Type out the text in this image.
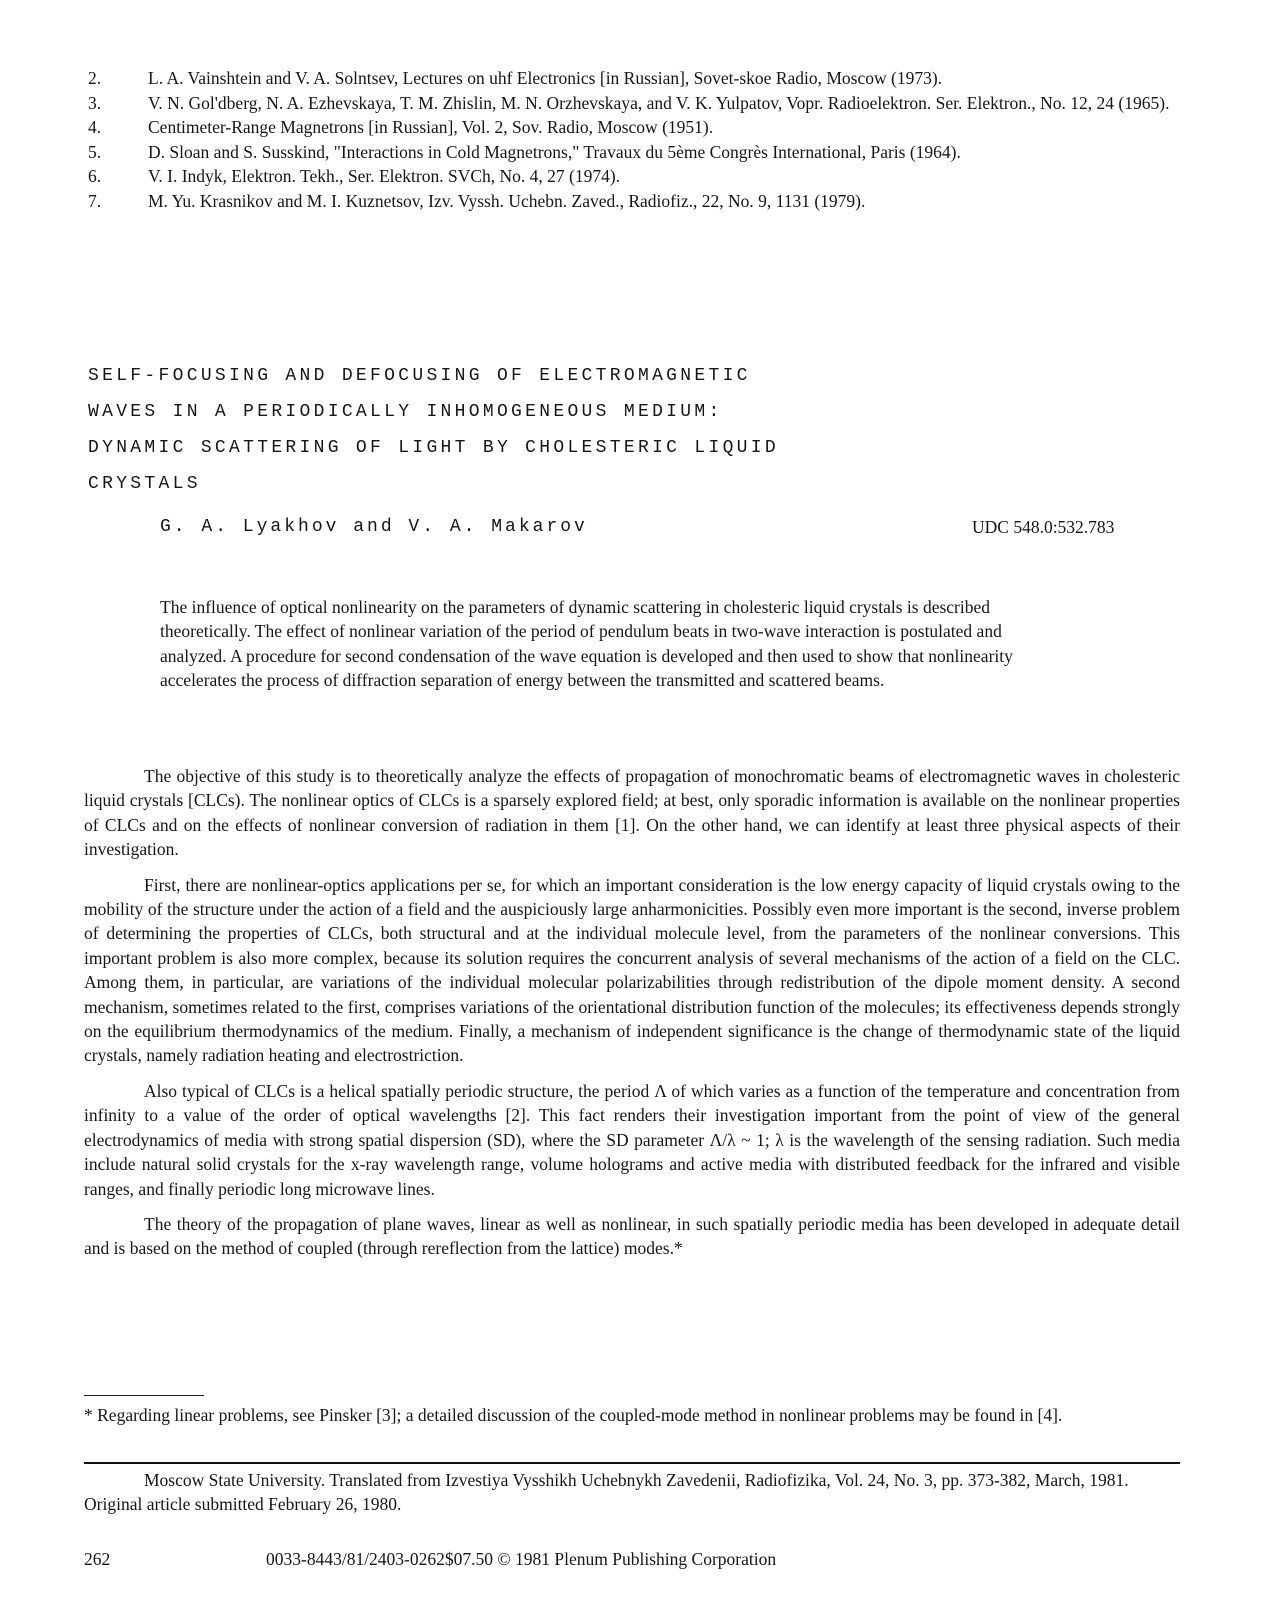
2.	L. A. Vainshtein and V. A. Solntsev, Lectures on uhf Electronics [in Russian], Sovet-skoe Radio, Moscow (1973).
3.	V. N. Gol'dberg, N. A. Ezhevskaya, T. M. Zhislin, M. N. Orzhevskaya, and V. K. Yulpatov, Vopr. Radioelektron. Ser. Elektron., No. 12, 24 (1965).
4.	Centimeter-Range Magnetrons [in Russian], Vol. 2, Sov. Radio, Moscow (1951).
5.	D. Sloan and S. Susskind, "Interactions in Cold Magnetrons," Travaux du 5ème Congrès International, Paris (1964).
6.	V. I. Indyk, Elektron. Tekh., Ser. Elektron. SVCh, No. 4, 27 (1974).
7.	M. Yu. Krasnikov and M. I. Kuznetsov, Izv. Vyssh. Uchebn. Zaved., Radiofiz., 22, No. 9, 1131 (1979).
SELF-FOCUSING AND DEFOCUSING OF ELECTROMAGNETIC
WAVES IN A PERIODICALLY INHOMOGENEOUS MEDIUM:
DYNAMIC SCATTERING OF LIGHT BY CHOLESTERIC LIQUID
CRYSTALS
G. A. Lyakhov and V. A. Makarov	UDC 548.0:532.783

The influence of optical nonlinearity on the parameters of dynamic scattering in cholesteric liquid crystals is described theoretically. The effect of nonlinear variation of the period of pendulum beats in two-wave interaction is postulated and analyzed. A procedure for second condensation of the wave equation is developed and then used to show that nonlinearity accelerates the process of diffraction separation of energy between the transmitted and scattered beams.

The objective of this study is to theoretically analyze the effects of propagation of monochromatic beams of electromagnetic waves in cholesteric liquid crystals [CLCs). The nonlinear optics of CLCs is a sparsely explored field; at best, only sporadic information is available on the nonlinear properties of CLCs and on the effects of nonlinear conversion of radiation in them [1]. On the other hand, we can identify at least three physical aspects of their investigation.

First, there are nonlinear-optics applications per se, for which an important consideration is the low energy capacity of liquid crystals owing to the mobility of the structure under the action of a field and the auspiciously large anharmonicities. Possibly even more important is the second, inverse problem of determining the properties of CLCs, both structural and at the individual molecule level, from the parameters of the nonlinear conversions. This important problem is also more complex, because its solution requires the concurrent analysis of several mechanisms of the action of a field on the CLC. Among them, in particular, are variations of the individual molecular polarizabilities through redistribution of the dipole moment density. A second mechanism, sometimes related to the first, comprises variations of the orientational distribution function of the molecules; its effectiveness depends strongly on the equilibrium thermodynamics of the medium. Finally, a mechanism of independent significance is the change of thermodynamic state of the liquid crystals, namely radiation heating and electrostriction.

Also typical of CLCs is a helical spatially periodic structure, the period Λ of which varies as a function of the temperature and concentration from infinity to a value of the order of optical wavelengths [2]. This fact renders their investigation important from the point of view of the general electrodynamics of media with strong spatial dispersion (SD), where the SD parameter Λ/λ ~ 1; λ is the wavelength of the sensing radiation. Such media include natural solid crystals for the x-ray wavelength range, volume holograms and active media with distributed feedback for the infrared and visible ranges, and finally periodic long microwave lines.

The theory of the propagation of plane waves, linear as well as nonlinear, in such spatially periodic media has been developed in adequate detail and is based on the method of coupled (through rereflection from the lattice) modes.*

* Regarding linear problems, see Pinsker [3]; a detailed discussion of the coupled-mode method in nonlinear problems may be found in [4].

Moscow State University. Translated from Izvestiya Vysshikh Uchebnykh Zavedenii, Radiofizika, Vol. 24, No. 3, pp. 373-382, March, 1981. Original article submitted February 26, 1980.

262	0033-8443/81/2403-0262$07.50 © 1981 Plenum Publishing Corporation
